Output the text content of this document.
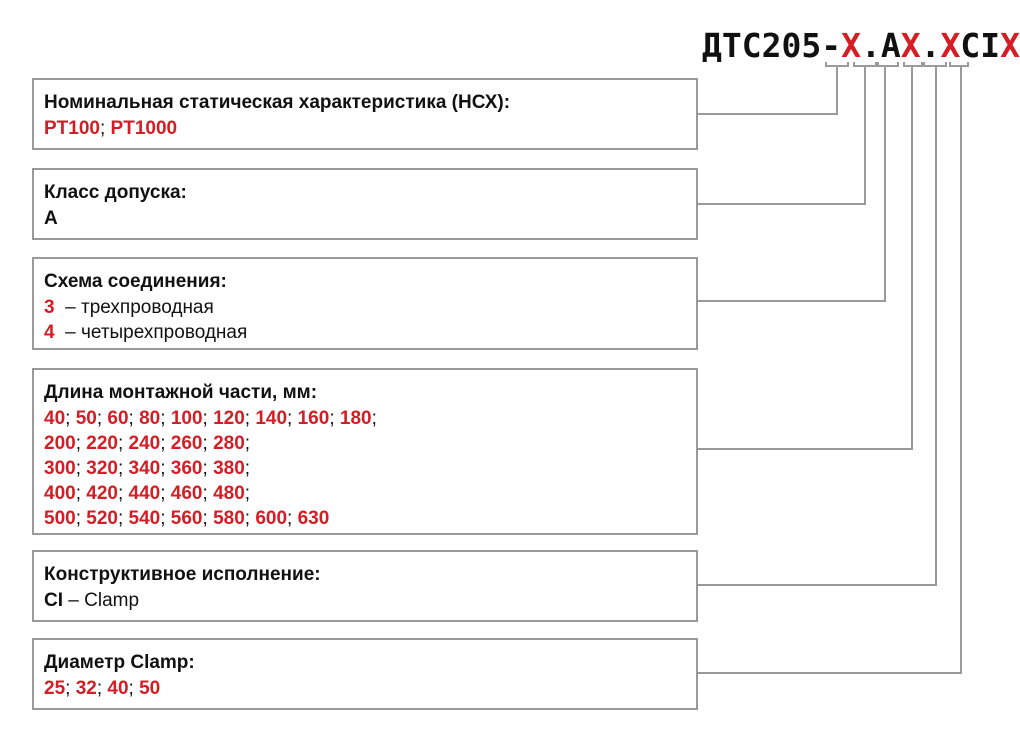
ДТС205-X.AX.XCIX
Номинальная статическая характеристика (НСХ):
PT100; PT1000
Класс допуска:
A
Схема соединения:
3 – трехпроводная
4 – четырехпроводная
Длина монтажной части, мм:
40; 50; 60; 80; 100; 120; 140; 160; 180;
200; 220; 240; 260; 280;
300; 320; 340; 360; 380;
400; 420; 440; 460; 480;
500; 520; 540; 560; 580; 600; 630
Конструктивное исполнение:
CI – Clamp
Диаметр Clamp:
25; 32; 40; 50
